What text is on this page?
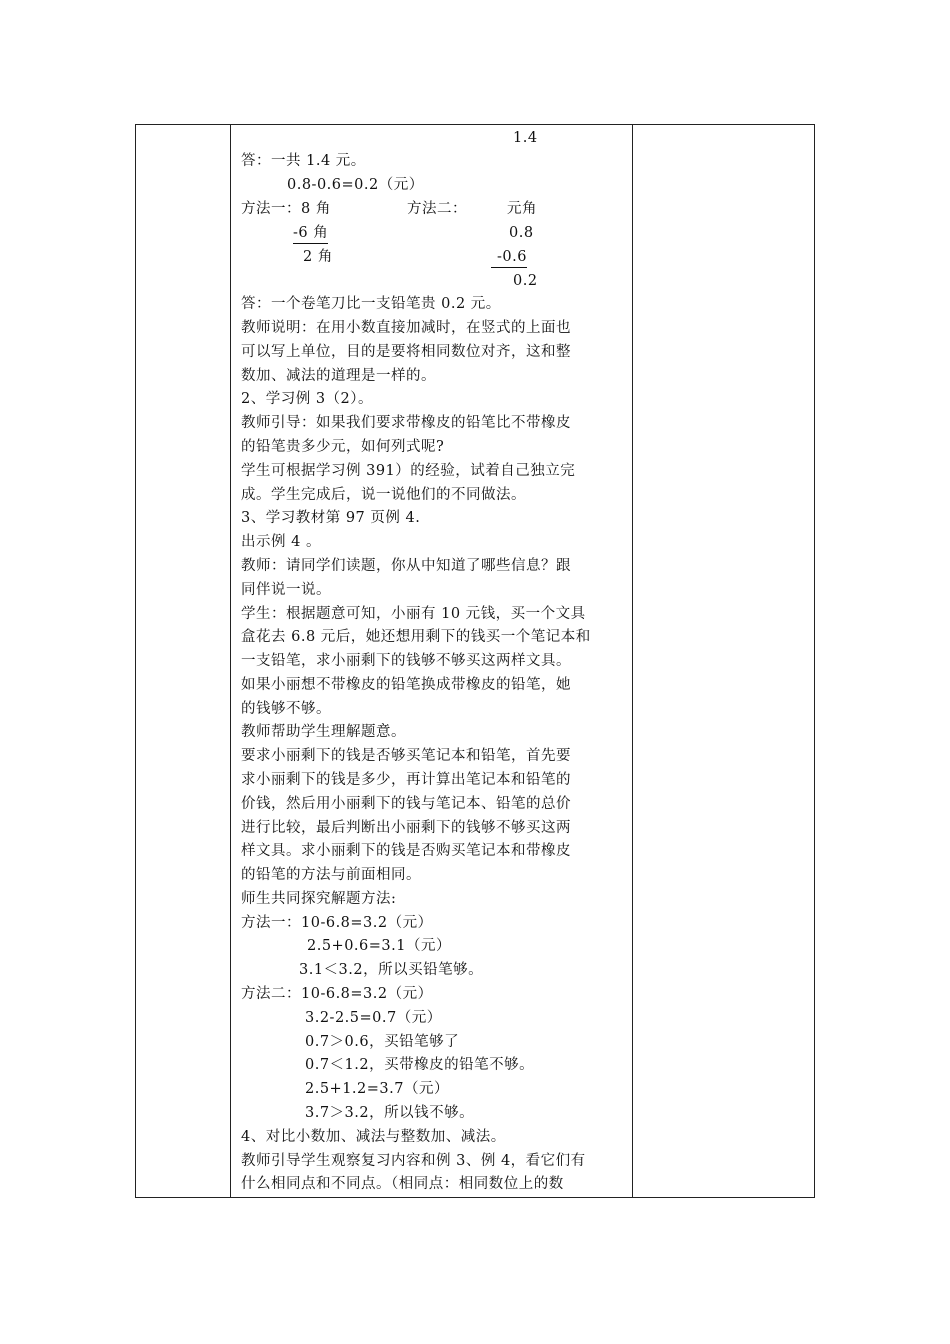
1.4
答：一共 1.4 元。
0.8-0.6=0.2（元）
方法一：8 角	方法二：	元角
-6 角	0.8
2 角	-0.6
0.2
答：一个卷笔刀比一支铅笔贵 0.2 元。
教师说明：在用小数直接加减时，在竖式的上面也
可以写上单位，目的是要将相同数位对齐，这和整
数加、减法的道理是一样的。
2、学习例 3（2）。
教师引导：如果我们要求带橡皮的铅笔比不带橡皮
的铅笔贵多少元，如何列式呢?
学生可根据学习例 391）的经验，试着自己独立完
成。学生完成后，说一说他们的不同做法。
3、学习教材第 97 页例 4.
出示例 4 。
教师：请同学们读题，你从中知道了哪些信息？跟
同伴说一说。
学生：根据题意可知，小丽有 10 元钱，买一个文具
盒花去 6.8 元后，她还想用剩下的钱买一个笔记本和
一支铅笔，求小丽剩下的钱够不够买这两样文具。
如果小丽想不带橡皮的铅笔换成带橡皮的铅笔，她
的钱够不够。
教师帮助学生理解题意。
要求小丽剩下的钱是否够买笔记本和铅笔，首先要
求小丽剩下的钱是多少，再计算出笔记本和铅笔的
价钱，然后用小丽剩下的钱与笔记本、铅笔的总价
进行比较，最后判断出小丽剩下的钱够不够买这两
样文具。求小丽剩下的钱是否购买笔记本和带橡皮
的铅笔的方法与前面相同。
师生共同探究解题方法:
方法一：10-6.8=3.2（元）
2.5+0.6=3.1（元）
3.1＜3.2，所以买铅笔够。
方法二：10-6.8=3.2（元）
3.2-2.5=0.7（元）
0.7＞0.6，买铅笔够了
0.7＜1.2，买带橡皮的铅笔不够。
2.5+1.2=3.7（元）
3.7＞3.2，所以钱不够。
4、对比小数加、减法与整数加、减法。
教师引导学生观察复习内容和例 3、例 4，看它们有
什么相同点和不同点。（相同点：相同数位上的数
